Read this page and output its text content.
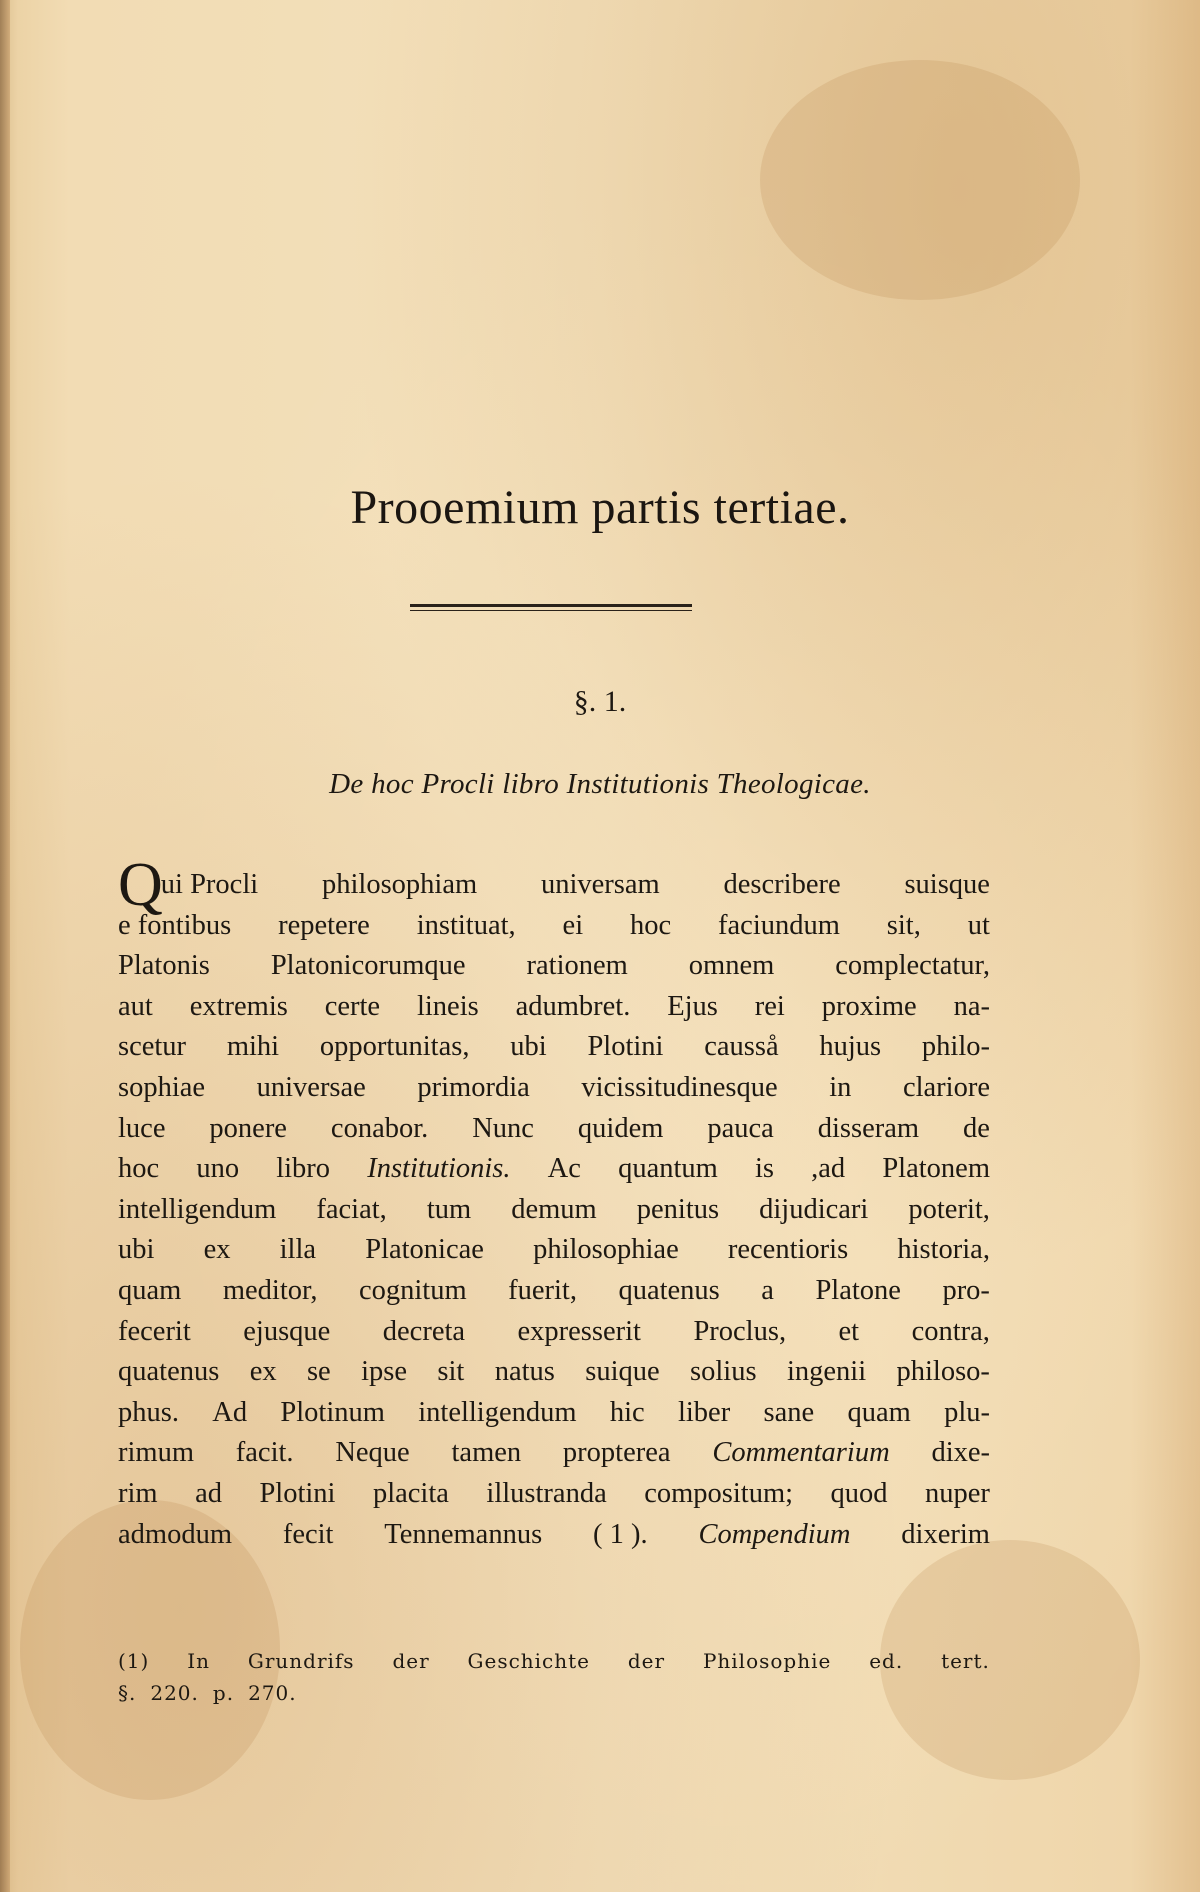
Prooemium partis tertiae.
§. 1.
De hoc Procli libro Institutionis Theologicae.
Q
ui Procli philosophiam universam describere suisque
e fontibus repetere instituat, ei hoc faciundum sit, ut
Platonis Platonicorumque rationem omnem complectatur,
aut extremis certe lineis adumbret. Ejus rei proxime na-
scetur mihi opportunitas, ubi Plotini causså hujus philo-
sophiae universae primordia vicissitudinesque in clariore
luce ponere conabor. Nunc quidem pauca disseram de
hoc uno libro Institutionis. Ac quantum is ,ad Platonem
intelligendum faciat, tum demum penitus dijudicari poterit,
ubi ex illa Platonicae philosophiae recentioris historia,
quam meditor, cognitum fuerit, quatenus a Platone pro-
fecerit ejusque decreta expresserit Proclus, et contra,
quatenus ex se ipse sit natus suique solius ingenii philoso-
phus. Ad Plotinum intelligendum hic liber sane quam plu-
rimum facit. Neque tamen propterea Commentarium dixe-
rim ad Plotini placita illustranda compositum; quod nuper
admodum fecit Tennemannus ( 1 ). Compendium dixerim
(1) In Grundrifs der Geschichte der Philosophie ed. tert.
§. 220. p. 270.
